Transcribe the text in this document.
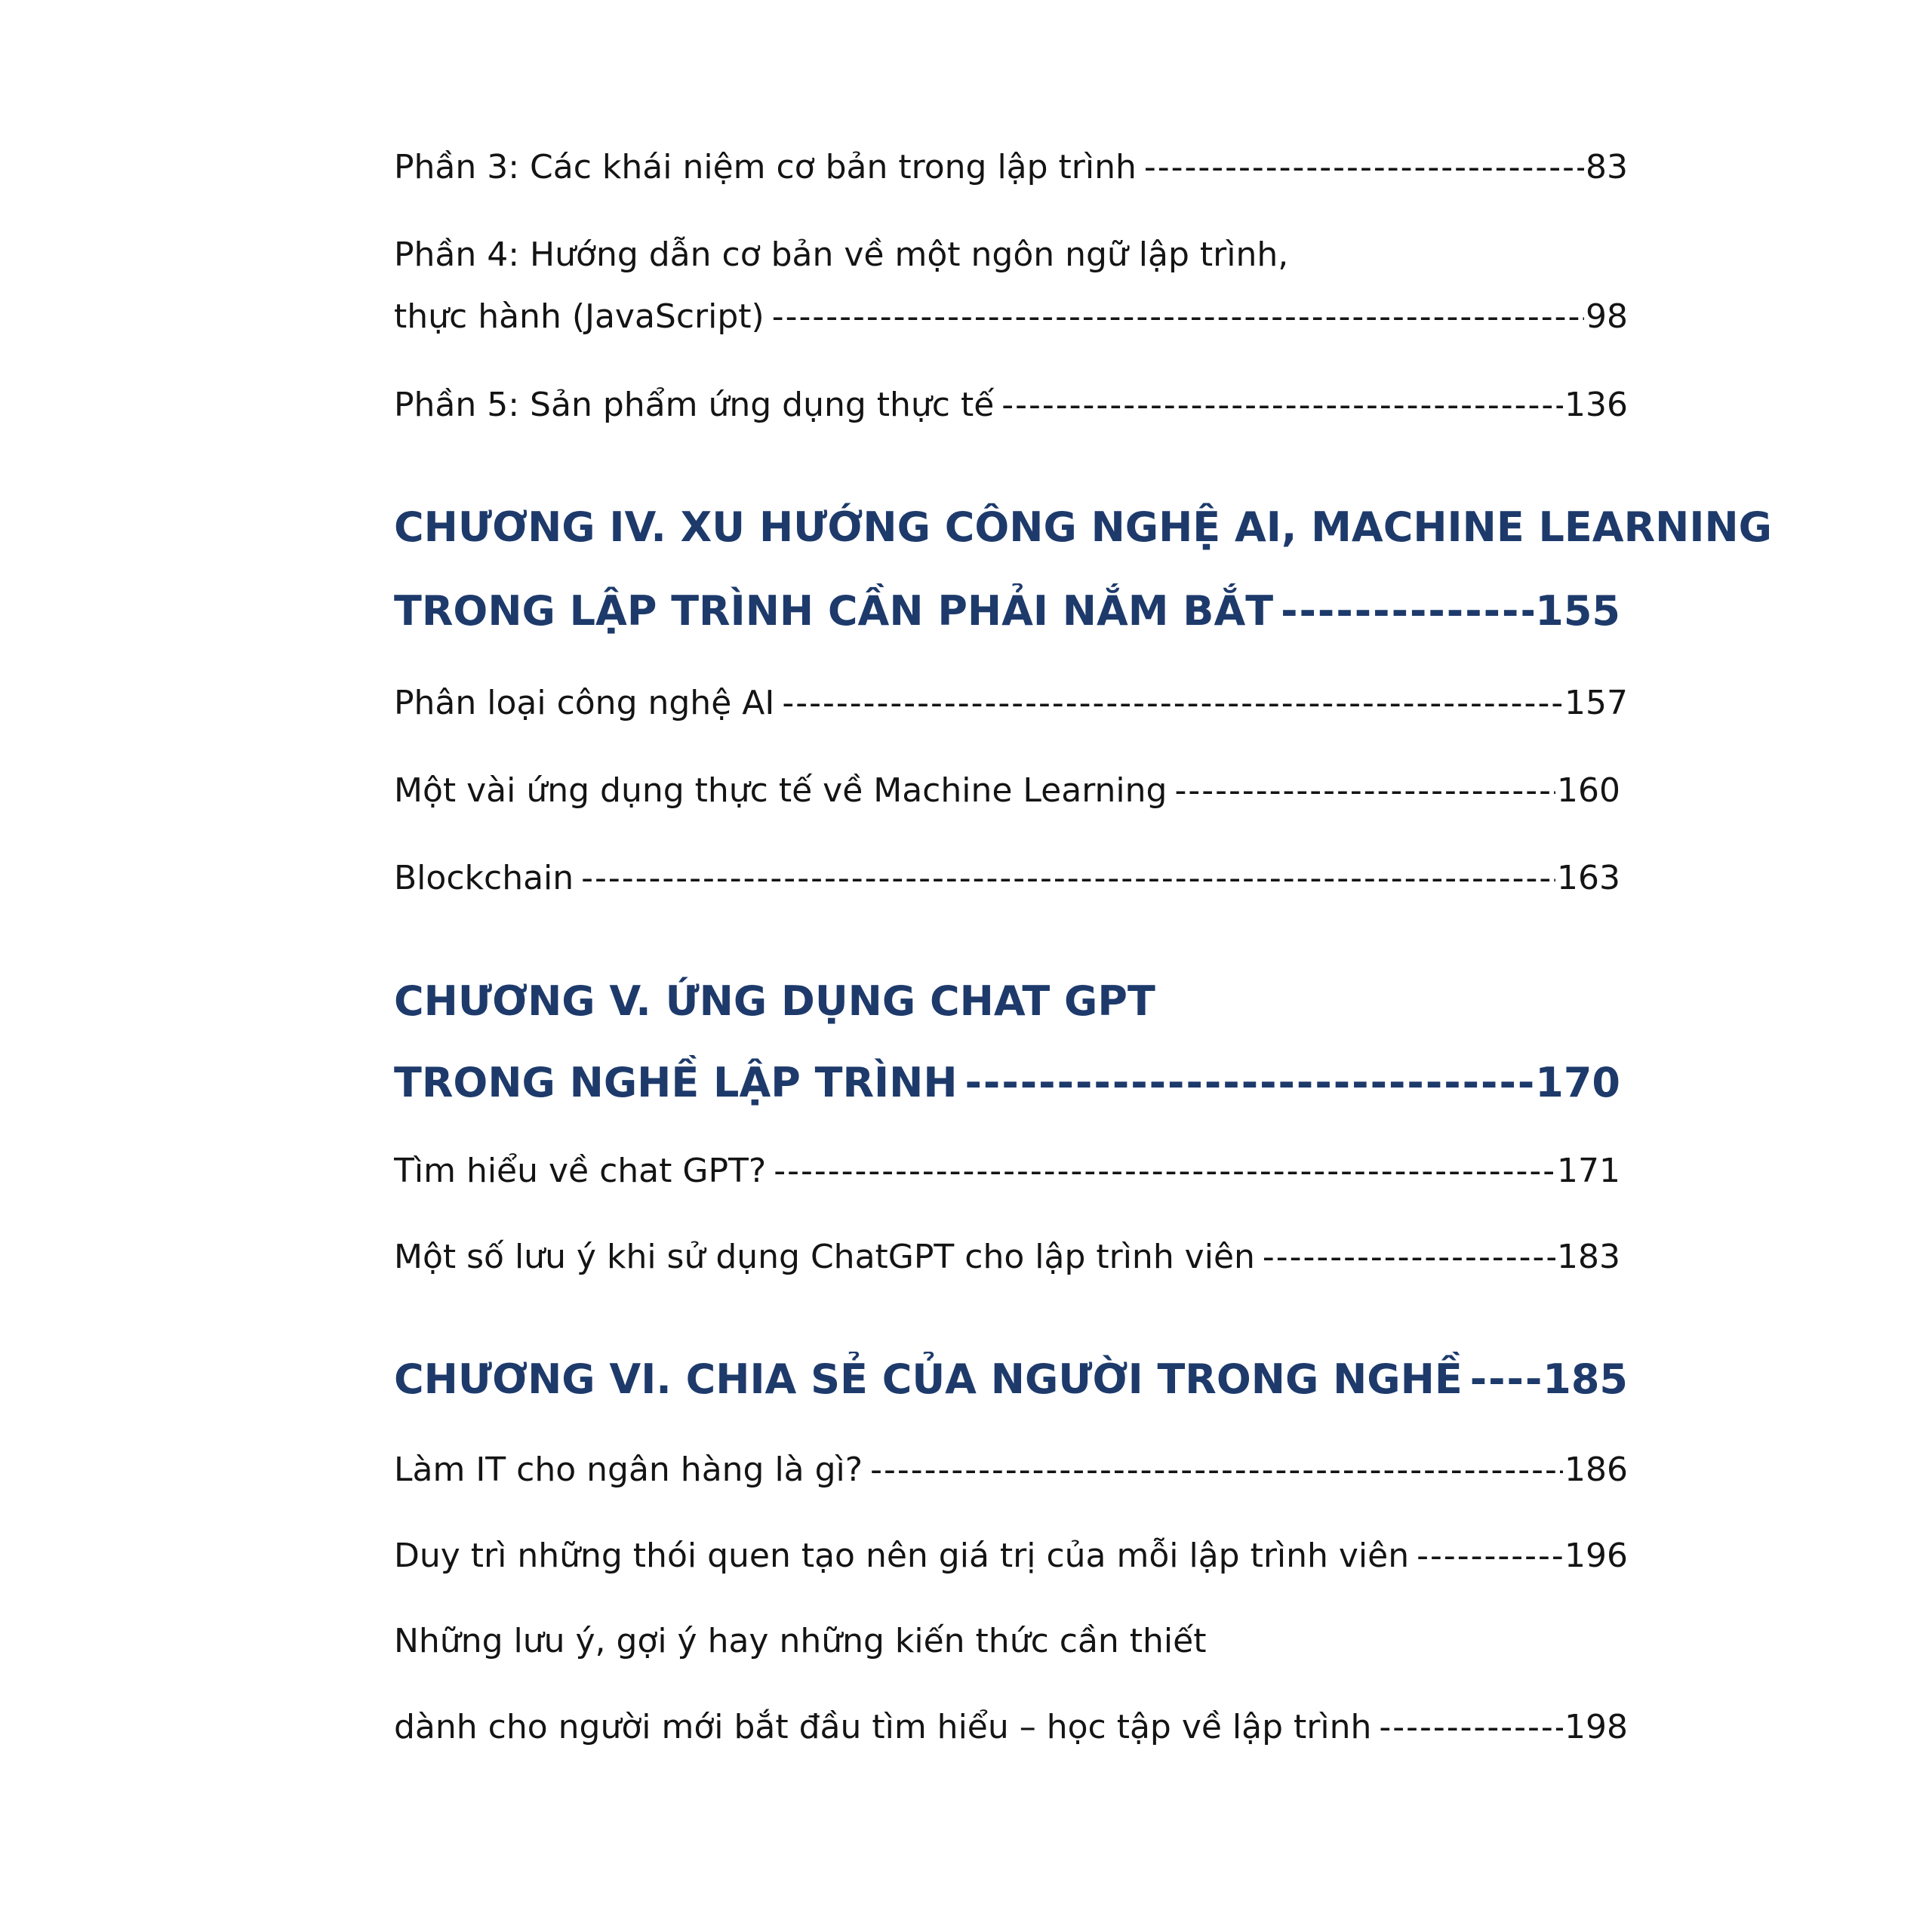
Phần 3: Các khái niệm cơ bản trong lập trình -----	83
Phần 4: Hướng dẫn cơ bản về một ngôn ngữ lập trình,
thực hành (JavaScript) -----	98
Phần 5: Sản phẩm ứng dụng thực tế -----	136
CHƯƠNG IV. XU HƯỚNG CÔNG NGHỆ AI, MACHINE LEARNING
TRONG LẬP TRÌNH CẦN PHẢI NẮM BẮT -----	155
Phân loại công nghệ AI -----	157
Một vài ứng dụng thực tế về Machine Learning -----	160
Blockchain -----	163
CHƯƠNG V. ỨNG DỤNG CHAT GPT
TRONG NGHỀ LẬP TRÌNH -----	170
Tìm hiểu về chat GPT? -----	171
Một số lưu ý khi sử dụng ChatGPT cho lập trình viên -----	183
CHƯƠNG VI. CHIA SẺ CỦA NGƯỜI TRONG NGHỀ ----- 185
Làm IT cho ngân hàng là gì? -----	186
Duy trì những thói quen tạo nên giá trị của mỗi lập trình viên -----	196
Những lưu ý, gợi ý hay những kiến thức cần thiết
dành cho người mới bắt đầu tìm hiểu – học tập về lập trình -----	198
